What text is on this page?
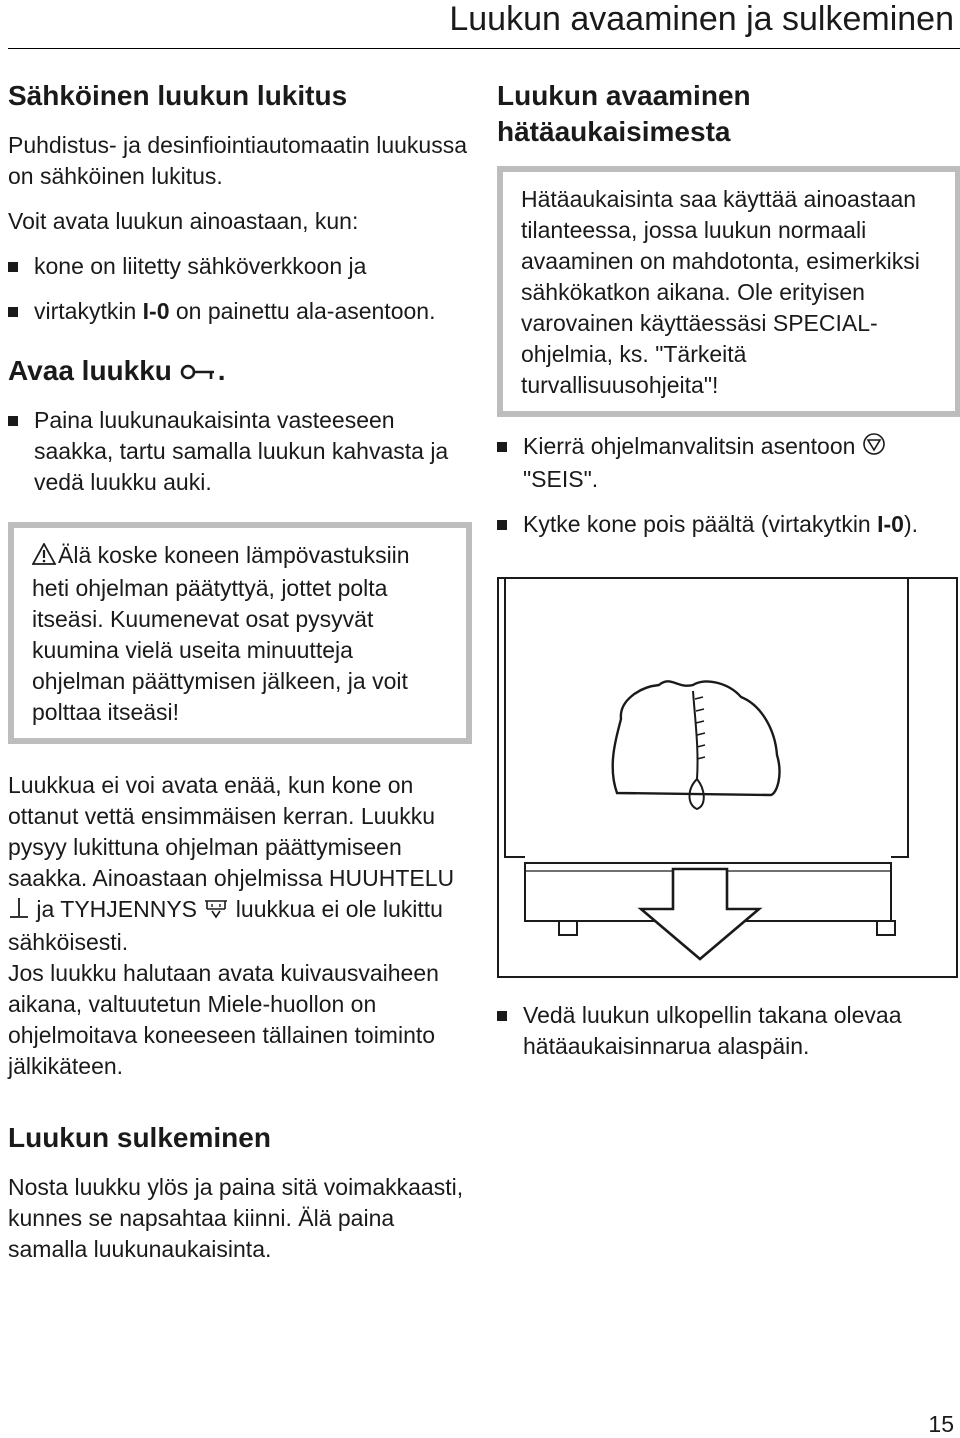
Luukun avaaminen ja sulkeminen
Sähköinen luukun lukitus

Puhdistus- ja desinfiointiautomaatin luukussa on sähköinen lukitus.

Voit avata luukun ainoastaan, kun:

kone on liitetty sähköverkkoon ja
virtakytkin I-0 on painettu ala-asentoon.
Avaa luukku .
Paina luukunaukaisinta vasteeseen saakka, tartu samalla luukun kahvasta ja vedä luukku auki.

Älä koske koneen lämpövastuksiin heti ohjelman päätyttyä, jottet polta itseäsi. Kuumenevat osat pysyvät kuumina vielä useita minuutteja ohjelman päättymisen jälkeen, ja voit polttaa itseäsi!

Luukkua ei voi avata enää, kun kone on ottanut vettä ensimmäisen kerran. Luukku pysyy lukittuna ohjelman päättymiseen saakka. Ainoastaan ohjelmissa HUUHTELU  ja TYHJENNYS  luukkua ei ole lukittu sähköisesti.
Jos luukku halutaan avata kuivausvaiheen aikana, valtuutetun Miele-huollon on ohjelmoitava koneeseen tällainen toiminto jälkikäteen.

Luukun sulkeminen

Nosta luukku ylös ja paina sitä voimakkaasti, kunnes se napsahtaa kiinni. Älä paina samalla luukunaukaisinta.

Luukun avaaminen hätäaukaisimesta

Hätäaukaisinta saa käyttää ainoastaan tilanteessa, jossa luukun normaali avaaminen on mahdotonta, esimerkiksi sähkökatkon aikana. Ole erityisen varovainen käyttäessäsi SPECIAL-ohjelmia, ks. "Tärkeitä turvallisuusohjeita"!

Kierrä ohjelmanvalitsin asentoon
"SEIS".
Kytke kone pois päältä (virtakytkin I-0).
Vedä luukun ulkopellin takana olevaa hätäaukaisinnarua alaspäin.
15
